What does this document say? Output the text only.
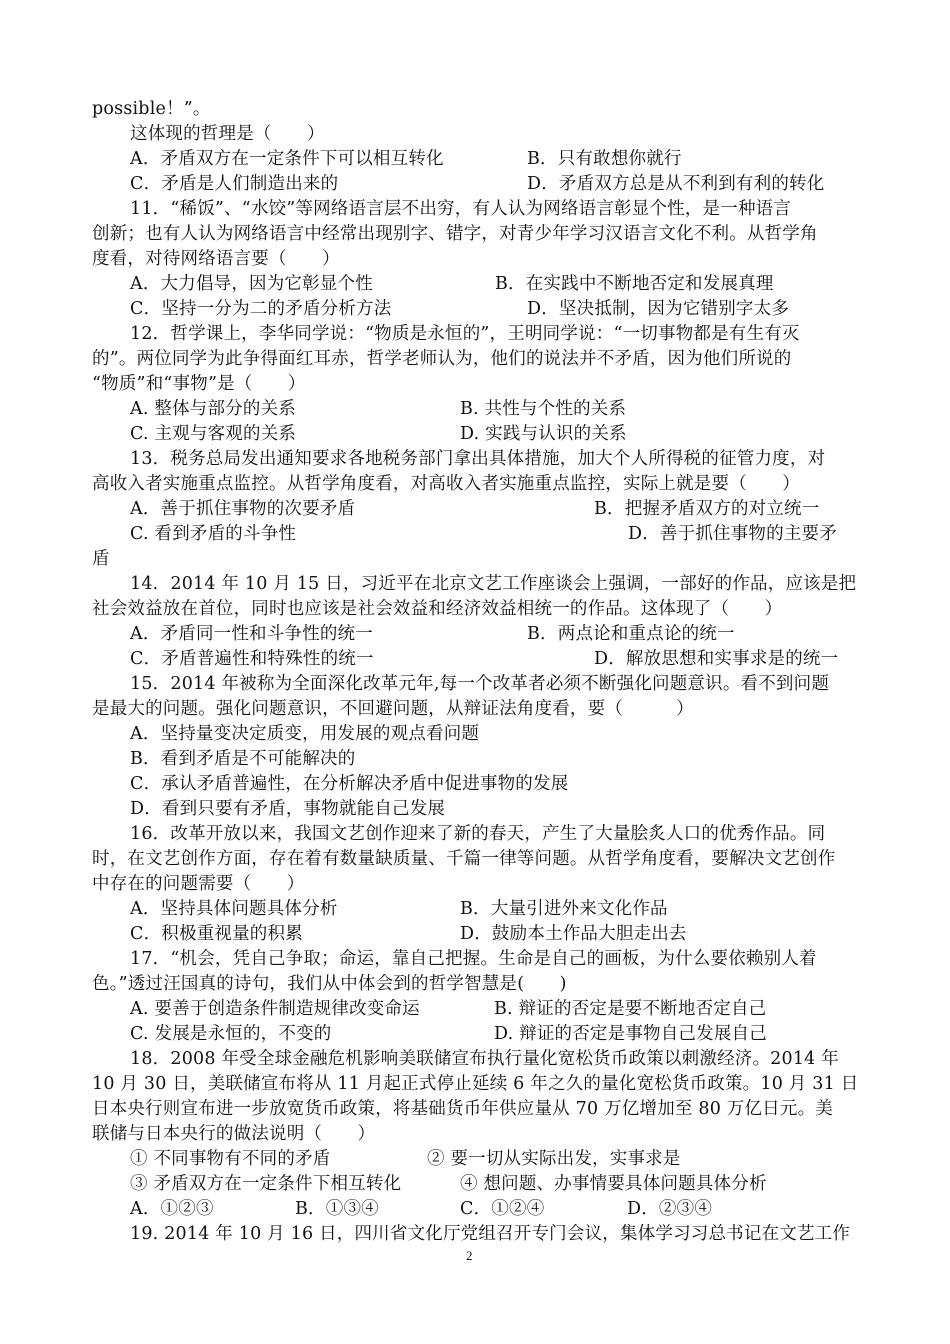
possible！”。
这体现的哲理是（　　）
A．矛盾双方在一定条件下可以相互转化	B．只有敢想你就行
C．矛盾是人们制造出来的	D．矛盾双方总是从不利到有利的转化
11．“稀饭”、“水饺”等网络语言层不出穷，有人认为网络语言彰显个性，是一种语言
创新；也有人认为网络语言中经常出现别字、错字，对青少年学习汉语言文化不利。从哲学角
度看，对待网络语言要（　　）
A．大力倡导，因为它彰显个性	B．在实践中不断地否定和发展真理
C．坚持一分为二的矛盾分析方法	D．坚决抵制，因为它错别字太多
12．哲学课上，李华同学说：“物质是永恒的”，王明同学说：“一切事物都是有生有灭
的”。两位同学为此争得面红耳赤，哲学老师认为，他们的说法并不矛盾，因为他们所说的
“物质”和“事物”是（　　）
A. 整体与部分的关系	B. 共性与个性的关系
C. 主观与客观的关系	D. 实践与认识的关系
13．税务总局发出通知要求各地税务部门拿出具体措施，加大个人所得税的征管力度，对
高收入者实施重点监控。从哲学角度看，对高收入者实施重点监控，实际上就是要（　　）
A．善于抓住事物的次要矛盾	B．把握矛盾双方的对立统一
C. 看到矛盾的斗争性	D．善于抓住事物的主要矛
盾
14．2014 年 10 月 15 日，习近平在北京文艺工作座谈会上强调，一部好的作品，应该是把
社会效益放在首位，同时也应该是社会效益和经济效益相统一的作品。这体现了（　　）
A．矛盾同一性和斗争性的统一	B．两点论和重点论的统一
C．矛盾普遍性和特殊性的统一	D．解放思想和实事求是的统一
15．2014 年被称为全面深化改革元年,每一个改革者必须不断强化问题意识。看不到问题
是最大的问题。强化问题意识，不回避问题，从辩证法角度看，要（　　　）
A．坚持量变决定质变，用发展的观点看问题
B．看到矛盾是不可能解决的
C．承认矛盾普遍性，在分析解决矛盾中促进事物的发展
D．看到只要有矛盾，事物就能自己发展
16．改革开放以来，我国文艺创作迎来了新的春天，产生了大量脍炙人口的优秀作品。同
时，在文艺创作方面，存在着有数量缺质量、千篇一律等问题。从哲学角度看，要解决文艺创作
中存在的问题需要（　　）
A．坚持具体问题具体分析	B．大量引进外来文化作品
C．积极重视量的积累	D．鼓励本土作品大胆走出去
17．“机会，凭自己争取；命运，靠自己把握。生命是自己的画板，为什么要依赖别人着
色。”透过汪国真的诗句，我们从中体会到的哲学智慧是(　　)
A. 要善于创造条件制造规律改变命运	B. 辩证的否定是要不断地否定自己
C. 发展是永恒的，不变的	D. 辩证的否定是事物自己发展自己
18．2008 年受全球金融危机影响美联储宣布执行量化宽松货币政策以刺激经济。2014 年
10 月 30 日，美联储宣布将从 11 月起正式停止延续 6 年之久的量化宽松货币政策。10 月 31 日
日本央行则宣布进一步放宽货币政策，将基础货币年供应量从 70 万亿增加至 80 万亿日元。美
联储与日本央行的做法说明（　　）
① 不同事物有不同的矛盾	② 要一切从实际出发，实事求是
③ 矛盾双方在一定条件下相互转化	④ 想问题、办事情要具体问题具体分析
A．①②③	B．①③④	C．①②④	D．②③④
19. 2014 年 10 月 16 日，四川省文化厅党组召开专门会议，集体学习习总书记在文艺工作
2
